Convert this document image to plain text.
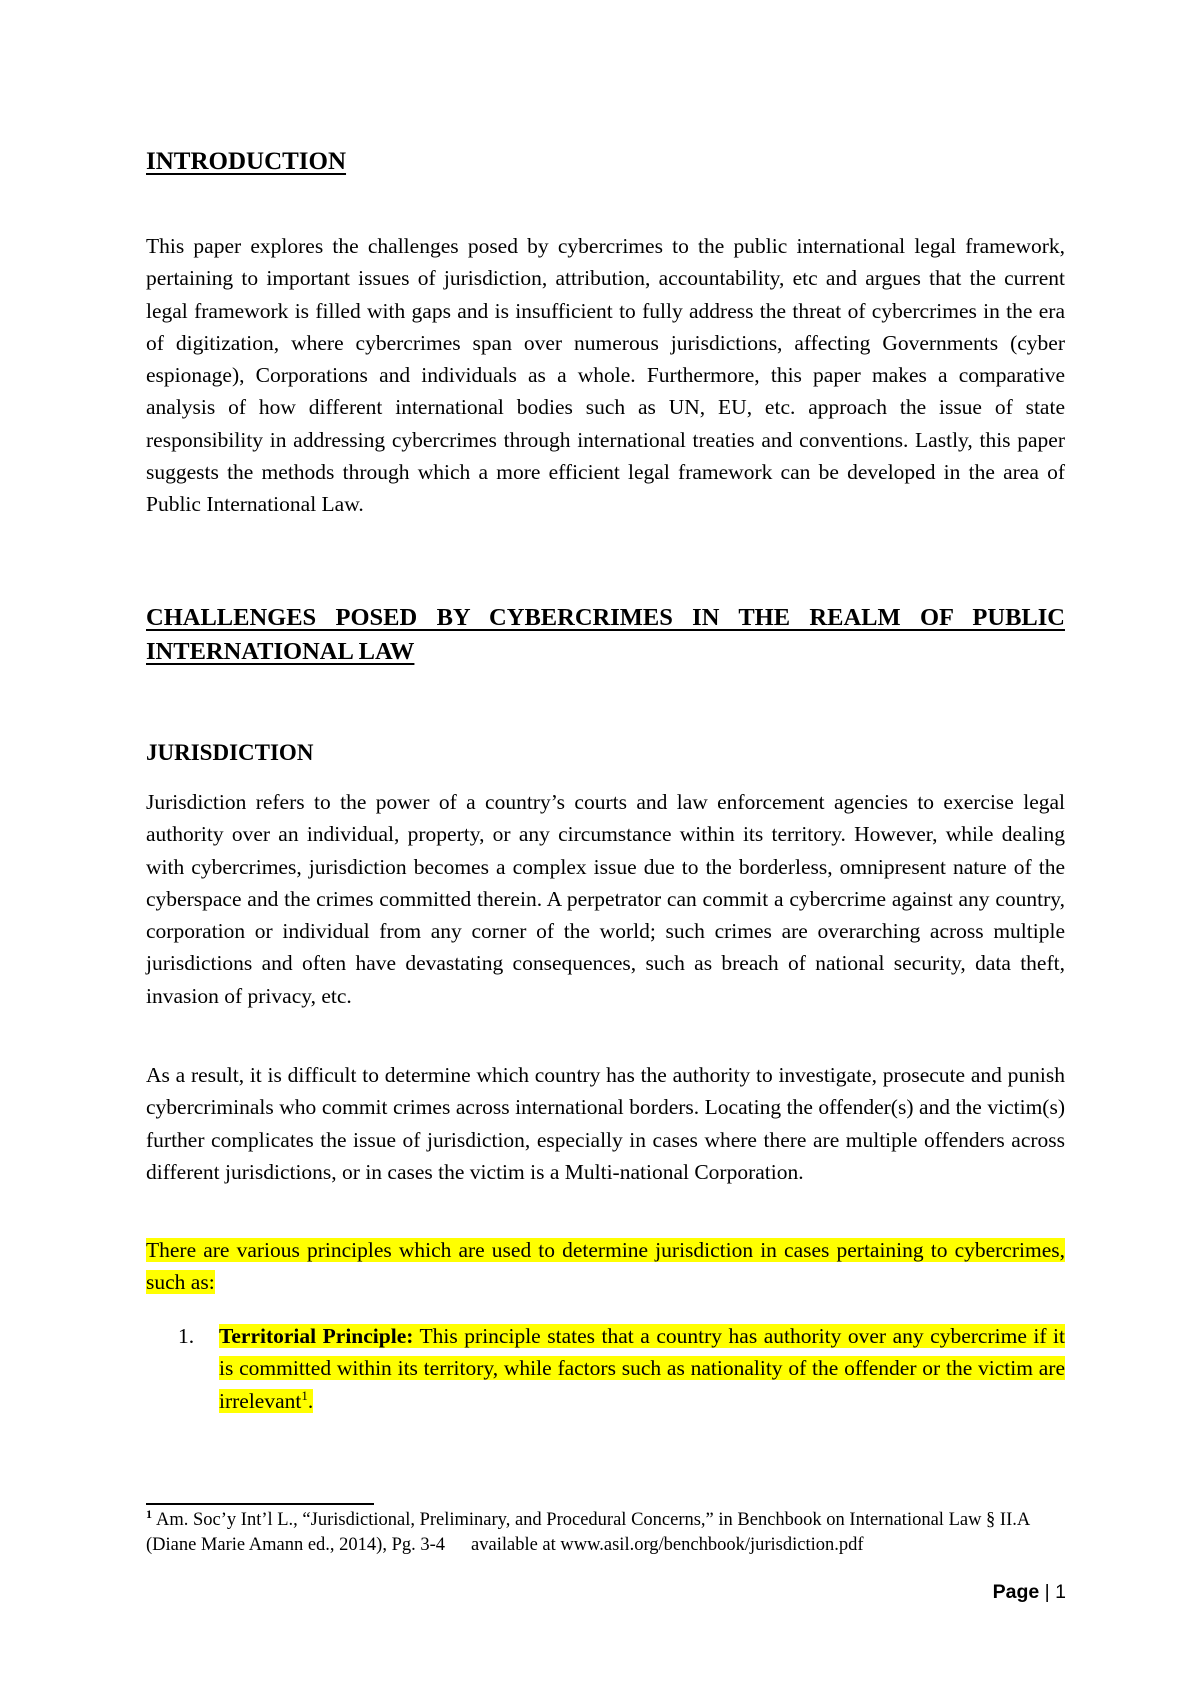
INTRODUCTION

This paper explores the challenges posed by cybercrimes to the public international legal framework, pertaining to important issues of jurisdiction, attribution, accountability, etc and argues that the current legal framework is filled with gaps and is insufficient to fully address the threat of cybercrimes in the era of digitization, where cybercrimes span over numerous jurisdictions, affecting Governments (cyber espionage), Corporations and individuals as a whole. Furthermore, this paper makes a comparative analysis of how different international bodies such as UN, EU, etc. approach the issue of state responsibility in addressing cybercrimes through international treaties and conventions. Lastly, this paper suggests the methods through which a more efficient legal framework can be developed in the area of Public International Law.

CHALLENGES POSED BY CYBERCRIMES IN THE REALM OF PUBLIC INTERNATIONAL LAW
JURISDICTION

Jurisdiction refers to the power of a country’s courts and law enforcement agencies to exercise legal authority over an individual, property, or any circumstance within its territory. However, while dealing with cybercrimes, jurisdiction becomes a complex issue due to the borderless, omnipresent nature of the cyberspace and the crimes committed therein. A perpetrator can commit a cybercrime against any country, corporation or individual from any corner of the world; such crimes are overarching across multiple jurisdictions and often have devastating consequences, such as breach of national security, data theft, invasion of privacy, etc.

As a result, it is difficult to determine which country has the authority to investigate, prosecute and punish cybercriminals who commit crimes across international borders. Locating the offender(s) and the victim(s) further complicates the issue of jurisdiction, especially in cases where there are multiple offenders across different jurisdictions, or in cases the victim is a Multi-national Corporation.

There are various principles which are used to determine jurisdiction in cases pertaining to cybercrimes, such as:

1. Territorial Principle: This principle states that a country has authority over any cybercrime if it is committed within its territory, while factors such as nationality of the offender or the victim are irrelevant$^1$.

$^1$ Am. Soc’y Int’l L., “Jurisdictional, Preliminary, and Procedural Concerns,” in Benchbook on International Law § II.A (Diane Marie Amann ed., 2014), Pg. 3-4 available at www.asil.org/benchbook/jurisdiction.pdf

Page | 1
